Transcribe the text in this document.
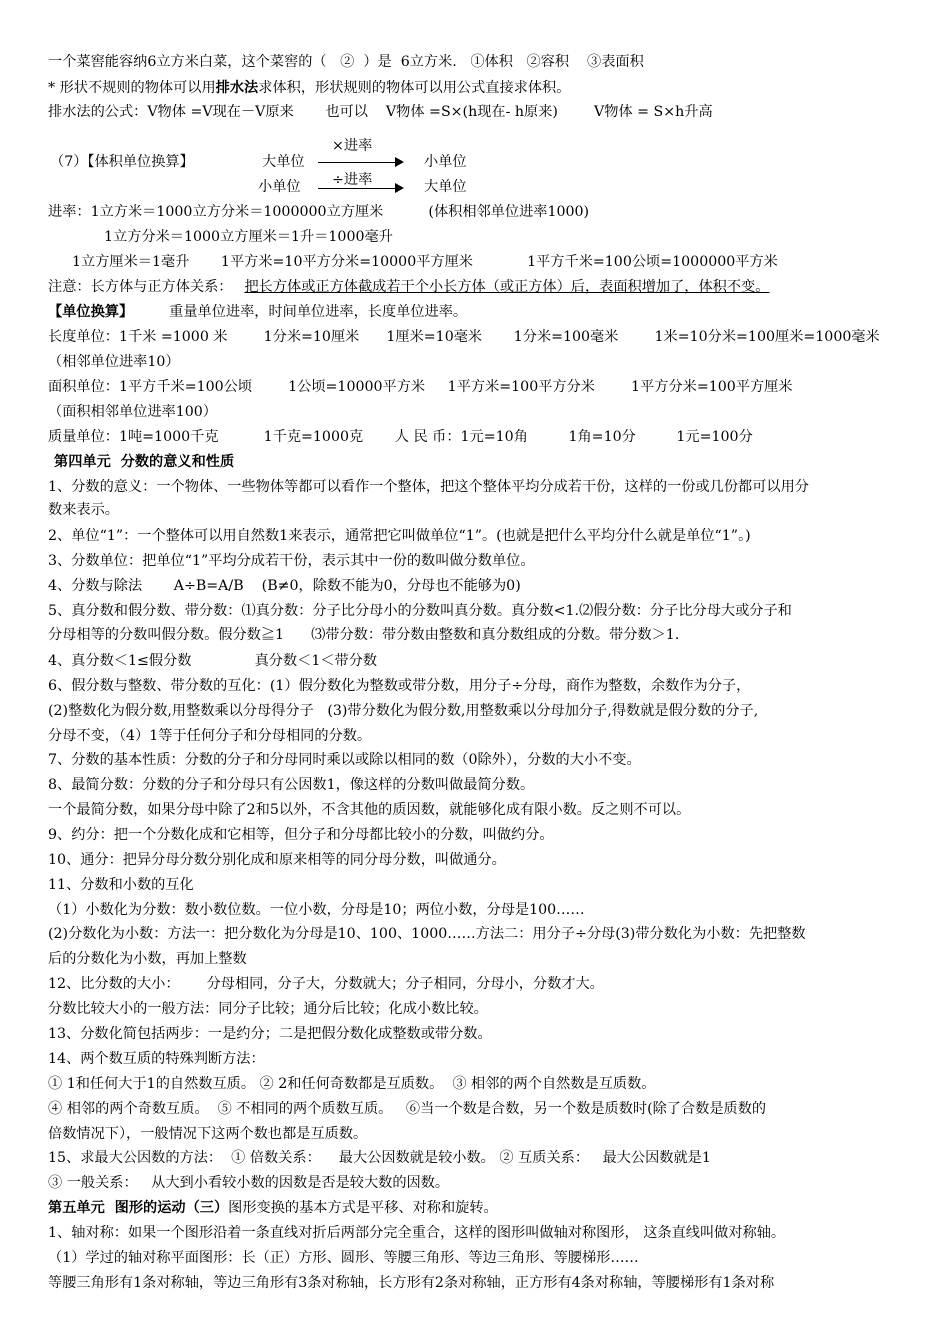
一个菜窖能容纳6立方米白菜，这个菜窖的（   ②  ）是  6立方米.   ①体积   ②容积    ③表面积
* 形状不规则的物体可以用排水法求体积，形状规则的物体可以用公式直接求体积。
排水法的公式：V物体 =V现在－V原来       也可以    V物体 =S×(h现在- h原来)        V物体 = S×h升高
（7）【体积单位换算】	大单位
×进率
小单位
小单位 ÷进率	大单位
进率：1立方米＝1000立方分米＝1000000立方厘米          (体积相邻单位进率1000)
1立方分米＝1000立方厘米＝1升＝1000毫升
1立方厘米＝1毫升       1平方米=10平方分米=10000平方厘米            1平方千米=100公顷=1000000平方米
注意：长方体与正方体关系： 把长方体或正方体截成若干个小长方体（或正方体）后，表面积增加了，体积不变。
【单位换算】	重量单位进率，时间单位进率，长度单位进率。
长度单位：1千米 =1000 米        1分米=10厘米      1厘米=10毫米       1分米=100毫米        1米=10分米=100厘米=1000毫米
（相邻单位进率10）
面积单位：1平方千米=100公顷        1公顷=10000平方米     1平方米=100平方分米        1平方分米=100平方厘米
（面积相邻单位进率100）
质量单位：1吨=1000千克          1千克=1000克       人 民 币：1元=10角         1角=10分         1元=100分
第四单元  分数的意义和性质
1、分数的意义：一个物体、一些物体等都可以看作一个整体，把这个整体平均分成若干份，这样的一份或几份都可以用分
数来表示。
2、单位“1”：一个整体可以用自然数1来表示，通常把它叫做单位“1”。(也就是把什么平均分什么就是单位“1”。)
3、分数单位：把单位“1”平均分成若干份，表示其中一份的数叫做分数单位。
4、分数与除法       A÷B=A/B    (B≠0，除数不能为0，分母也不能够为0)
5、真分数和假分数、带分数：⑴真分数：分子比分母小的分数叫真分数。真分数<1.⑵假分数：分子比分母大或分子和
分母相等的分数叫假分数。假分数≧1      ⑶带分数：带分数由整数和真分数组成的分数。带分数＞1.
4、真分数＜1≤假分数              真分数＜1＜带分数
6、假分数与整数、带分数的互化：(1）假分数化为整数或带分数，用分子÷分母，商作为整数，余数作为分子，
(2)整数化为假分数,用整数乘以分母得分子   (3)带分数化为假分数,用整数乘以分母加分子,得数就是假分数的分子,
分母不变，（4）1等于任何分子和分母相同的分数。
7、分数的基本性质：分数的分子和分母同时乘以或除以相同的数（0除外），分数的大小不变。
8、最简分数：分数的分子和分母只有公因数1，像这样的分数叫做最简分数。
一个最简分数，如果分母中除了2和5以外，不含其他的质因数，就能够化成有限小数。反之则不可以。
9、约分：把一个分数化成和它相等，但分子和分母都比较小的分数，叫做约分。
10、通分：把异分母分数分别化成和原来相等的同分母分数，叫做通分。
11、分数和小数的互化
（1）小数化为分数：数小数位数。一位小数，分母是10；两位小数，分母是100……
(2)分数化为小数：方法一：把分数化为分母是10、100、1000……方法二：用分子÷分母(3)带分数化为小数：先把整数
后的分数化为小数，再加上整数
12、比分数的大小：      分母相同，分子大，分数就大；分子相同，分母小，分数才大。
分数比较大小的一般方法：同分子比较；通分后比较；化成小数比较。
13、分数化简包括两步：一是约分；二是把假分数化成整数或带分数。
14、两个数互质的特殊判断方法：
① 1和任何大于1的自然数互质。 ② 2和任何奇数都是互质数。  ③ 相邻的两个自然数是互质数。
④ 相邻的两个奇数互质。  ⑤ 不相同的两个质数互质。   ⑥当一个数是合数，另一个数是质数时(除了合数是质数的
倍数情况下），一般情况下这两个数也都是互质数。
15、求最大公因数的方法：  ① 倍数关系：    最大公因数就是较小数。 ② 互质关系：   最大公因数就是1
③ 一般关系：   从大到小看较小数的因数是否是较大数的因数。
第五单元  图形的运动（三）图形变换的基本方式是平移、对称和旋转。
1、轴对称：如果一个图形沿着一条直线对折后两部分完全重合，这样的图形叫做轴对称图形， 这条直线叫做对称轴。
（1）学过的轴对称平面图形：长（正）方形、圆形、等腰三角形、等边三角形、等腰梯形……
等腰三角形有1条对称轴，等边三角形有3条对称轴，长方形有2条对称轴，正方形有4条对称轴，等腰梯形有1条对称
